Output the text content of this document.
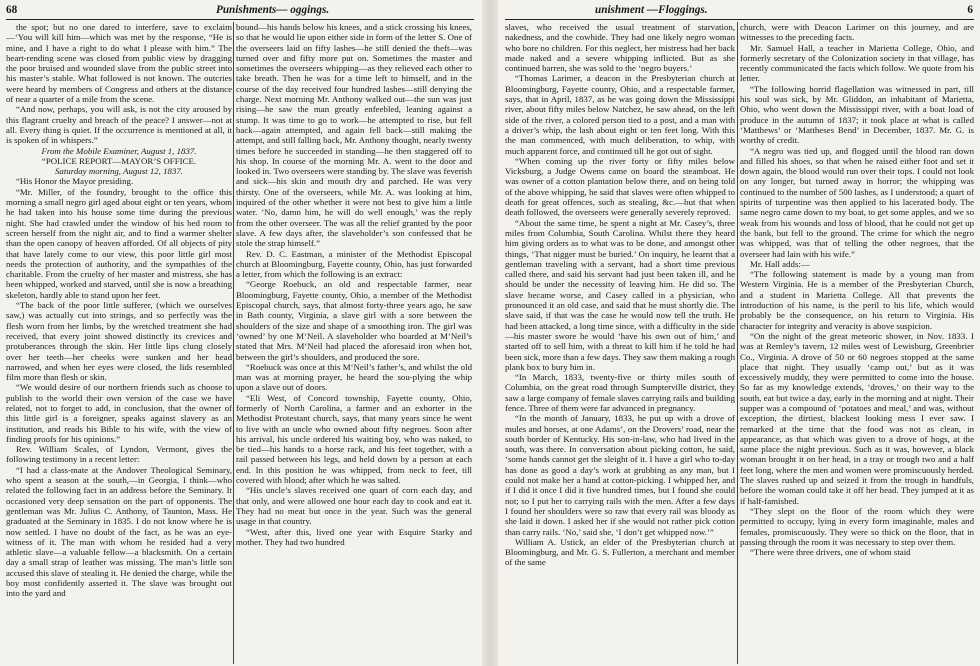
68	Punishments— oggings.	unishment —Floggings.	6

the spot; but no one dared to interfere, save to exclaim—‘You will kill him—which was met by the response, “He is mine, and I have a right to do what I please with him.” The heart-rending scene was closed from public view by dragging the poor bruised and wounded slave from the public street into his master’s stable. What followed is not known. The outcries were heard by members of Congress and others at the distance of near a quarter of a mile from the scene.

“And now, perhaps, you will ask, is not the city aroused by this flagrant cruelty and breach of the peace? I answer—not at all. Every thing is quiet. If the occurrence is mentioned at all, it is spoken of in whispers.”

From the Mobile Examiner, August 1, 1837.

“POLICE REPORT—MAYOR’S OFFICE.

Saturday morning, August 12, 1837.

“His Honor the Mayor presiding.

“Mr. Miller, of the foundry, brought to the office this morning a small negro girl aged about eight or ten years, whom he had taken into his house some time during the previous night. She had crawled under the window of his bed room to screen herself from the night air, and to find a warmer shelter than the open canopy of heaven afforded. Of all objects of pity that have lately come to our view, this poor little girl most needs the protection of authority, and the sympathies of the charitable. From the cruelty of her master and mistress, she has been whipped, worked and starved, until she is now a breathing skeleton, hardly able to stand upon her feet.

“The back of the poor little sufferer, (which we ourselves saw,) was actually cut into strings, and so perfectly was the flesh worn from her limbs, by the wretched treatment she had received, that every joint showed distinctly its crevices and protuberances through the skin. Her little lips clung closely over her teeth—her cheeks were sunken and her head narrowed, and when her eyes were closed, the lids resembled film more than flesh or skin.

“We would desire of our northern friends such as choose to publish to the world their own version of the case we have related, not to forget to add, in conclusion, that the owner of this little girl is a foreigner, speaks against slavery as an institution, and reads his Bible to his wife, with the view of finding proofs for his opinions.”

Rev. William Scales, of Lyndon, Vermont, gives the following testimony in a recent letter:

“I had a class-mate at the Andover Theological Seminary, who spent a season at the south,—in Georgia, I think—who related the following fact in an address before the Seminary. It occasioned very deep sensation on the part of opponents. The gentleman was Mr. Julius C. Anthony, of Taunton, Mass. He graduated at the Seminary in 1835. I do not know where he is now settled. I have no doubt of the fact, as he was an eye-witness of it. The man with whom he resided had a very athletic slave—a valuable fellow—a blacksmith. On a certain day a small strap of leather was missing. The man’s little son accused this slave of stealing it. He denied the charge, while the boy most confidently asserted it. The slave was brought out into the yard and

bound—his hands below his knees, and a stick crossing his knees, so that he would lie upon either side in form of the letter S. One of the overseers laid on fifty lashes—he still denied the theft—was turned over and fifty more put on. Sometimes the master and sometimes the overseers whipping—as they relieved each other to take breath. Then he was for a time left to himself, and in the course of the day received four hundred lashes—still denying the charge. Next morning Mr. Anthony walked out—the sun was just rising—he saw the man greatly enfeebled, leaning against a stump. It was time to go to work—he attempted to rise, but fell back—again attempted, and again fell back—still making the attempt, and still falling back, Mr. Anthony thought, nearly twenty times before he succeeded in standing—he then staggered off to his shop. In course of the morning Mr. A. went to the door and looked in. Two overseers were standing by. The slave was feverish and sick—his skin and mouth dry and parched. He was very thirsty. One of the overseers, while Mr. A. was looking at him, inquired of the other whether it were not best to give him a little water. ‘No, damn him, he will do well enough,’ was the reply from the other overseer. The was all the relief granted by the poor slave. A few days after, the slaveholder’s son confessed that he stole the strap himself.”

Rev. D. C. Eastman, a minister of the Methodist Episcopal church at Bloomingburg, Fayette county, Ohio, has just forwarded a letter, from which the following is an extract:

“George Roebuck, an old and respectable farmer, near Bloomingburg, Fayette county, Ohio, a member of the Methodist Episcopal church, says, that almost forty-three years ago, he saw in Bath county, Virginia, a slave girl with a sore between the shoulders of the size and shape of a smoothing iron. The girl was ‘owned’ by one M‘Neil. A slaveholder who boarded at M‘Neil’s stated that Mrs. M‘Neil had placed the aforesaid iron when hot, between the girl’s shoulders, and produced the sore.

“Roebuck was once at this M‘Neil’s father’s, and whilst the old man was at morning prayer, he heard the sou-plying the whip upon a slave out of doors.

“Eli West, of Concord township, Fayette county, Ohio, formerly of North Carolina, a farmer and an exhorter in the Methodist Protestant church, says, that many years since he went to live with an uncle who owned about fifty negroes. Soon after his arrival, his uncle ordered his waiting boy, who was naked, to be tied—his hands to a horse rack, and his feet together, with a rail passed between his legs, and held down by a person at each end. In this position he was whipped, from neck to feet, till covered with blood; after which he was salted.

“His uncle’s slaves received one quart of corn each day, and that only, and were allowed one hour each day to cook and eat it. They had no meat but once in the year. Such was the general usage in that country.

“West, after this, lived one year with Esquire Starky and mother. They had two hundred

slaves, who received the usual treatment of starvation, nakedness, and the cowhide. They had one likely negro woman who bore no children. For this neglect, her mistress had her back made naked and a severe whipping inflicted. But as she continued barren, she was sold to the ‘negro buyers.’

“Thomas Larimer, a deacon in the Presbyterian church at Bloomingburg, Fayette county, Ohio, and a respectable farmer, says, that in April, 1837, as he was going down the Mississippi river, about fifty miles below Natchez, he saw ahead, on the left side of the river, a colored person tied to a post, and a man with a driver’s whip, the lash about eight or ten feet long. With this the man commenced, with much deliberation, to whip, with much apparent force, and continued till he got out of sight.

“When coming up the river forty or fifty miles below Vicksburg, a Judge Owens came on board the steamboat. He was owner of a cotton plantation below there, and on being told of the above whipping, he said that slaves were often whipped to death for great offences, such as stealing, &c.—but that when death followed, the overseers were generally severely reproved.

“About the same time, he spent a night at Mr. Casey’s, three miles from Columbia, South Carolina. Whilst there they heard him giving orders as to what was to be done, and amongst other things, ‘That nigger must be buried.’ On inquiry, he learnt that a gentleman traveling with a servant, had a short time previous called there, and said his servant had just been taken ill, and he should be under the necessity of leaving him. He did so. The slave became worse, and Casey called in a physician, who pronounced it an old case, and said that he must shortly die. The slave said, if that was the case he would now tell the truth. He had been attacked, a long time since, with a difficulty in the side—his master swore he would ‘have his own out of him,’ and started off to sell him, with a threat to kill him if he told he had been sick, more than a few days. They saw them making a rough plank box to bury him in.

“In March, 1833, twenty-five or thirty miles south of Columbia, on the great road through Sumpterville district, they saw a large company of female slaves carrying rails and building fence. Three of them were far advanced in pregnancy.

“In the month of January, 1833, he put up with a drove of mules and horses, at one Adams’, on the Drovers’ road, near the south border of Kentucky. His son-in-law, who had lived in the south, was there. In conversation about picking cotton, he said, ‘some hands cannot get the sleight of it. I have a girl who to-day has done as good a day’s work at grubbing as any man, but I could not make her a hand at cotton-picking. I whipped her, and if I did it once I did it five hundred times, but I found she could not; so I put her to carrying rails with the men. After a few days I found her shoulders were so raw that every rail was bloody as she laid it down. I asked her if she would not rather pick cotton than carry rails. ‘No,’ said she, ‘I don’t get whipped now.’”

William A. Ustick, an elder of the Presbyterian church at Bloomingburg, and Mr. G. S. Fullerton, a merchant and member of the same

church, were with Deacon Larimer on this journey, and are witnesses to the preceding facts.

Mr. Samuel Hall, a teacher in Marietta College, Ohio, and formerly secretary of the Colonization society in that village, has recently communicated the facts which follow. We quote from his letter.

“The following horrid flagellation was witnessed in part, till his soul was sick, by Mr. Gliddon, an inhabitant of Marietta, Ohio, who went down the Mississippi river, with a boat load of produce in the autumn of 1837; it took place at what is called ‘Matthews’ or ‘Mattheses Bend’ in December, 1837. Mr. G. is worthy of credit.

“A negro was tied up, and flogged until the blood ran down and filled his shoes, so that when he raised either foot and set it down again, the blood would run over their tops. I could not look on any longer, but turned away in horror; the whipping was continued to the number of 500 lashes, as I understood; a quart of spirits of turpentine was then applied to his lacerated body. The same negro came down to my boat, to get some apples, and we so weak from his wounds and loss of blood, that he could not get up the bank, but fell to the ground. The crime for which the negro was whipped, was that of telling the other negroes, that the overseer had lain with his wife.”

Mr. Hall adds:—

“The following statement is made by a young man from Western Virginia. He is a member of the Presbyterian Church, and a student in Marietta College. All that prevents the introduction of his name, is the peril to his life, which would probably be the consequence, on his return to Virginia. His character for integrity and veracity is above suspicion.

“On the night of the great meteoric shower, in Nov. 1833. I was at Remley’s tavern, 12 miles west of Lewisburg, Greenbrier Co., Virginia. A drove of 50 or 60 negroes stopped at the same place that night. They usually ‘camp out,’ but as it was excessively muddy, they were permitted to come into the house. So far as my knowledge extends, ‘droves,’ on their way to the south, eat but twice a day, early in the morning and at night. Their supper was a compound of ‘potatoes and meal,’ and was, without exception, the dirtiest, blackest looking mess I ever saw. I remarked at the time that the food was not as clean, in appearance, as that which was given to a drove of hogs, at the same place the night previous. Such as it was, however, a black woman brought it on her head, in a tray or trough two and a half feet long, where the men and women were promiscuously herded. The slaves rushed up and seized it from the trough in handfuls, before the woman could take it off her head. They jumped at it as if half-famished.

“They slept on the floor of the room which they were permitted to occupy, lying in every form imaginable, males and females, promiscuously. They were so thick on the floor, that in passing through the room it was necessary to step over them.

“There were three drivers, one of whom staid
